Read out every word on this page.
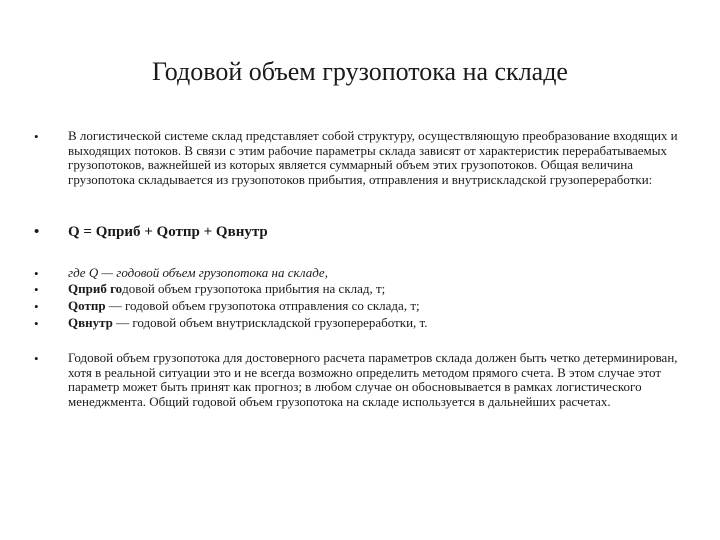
Годовой объем грузопотока на складе
•	В логистической системе склад представляет собой структуру, осуществляющую преобразование входящих и выходящих потоков. В связи с этим рабочие параметры склада зависят от характеристик перерабатываемых грузопотоков, важнейшей из которых является суммарный объем этих грузопотоков. Общая величина грузопотока складывается из грузопотоков прибытия, отправления и внутрискладской грузопереработки:
•	Q = Qприб + Qотпр + Qвнутр
•	где Q — годовой объем грузопотока на складе,
•	Qприб годовой объем грузопотока прибытия на склад, т;
•	Qотпр — годовой объем грузопотока отправления со склада, т;
•	Qвнутр — годовой объем внутрискладской грузопереработки, т.
•	Годовой объем грузопотока для достоверного расчета параметров склада должен быть четко детерминирован, хотя в реальной ситуации это и не всегда возможно определить методом прямого счета. В этом случае этот параметр может быть принят как прогноз; в любом случае он обосновывается в рамках логистического менеджмента. Общий годовой объем грузопотока на складе используется в дальнейших расчетах.
